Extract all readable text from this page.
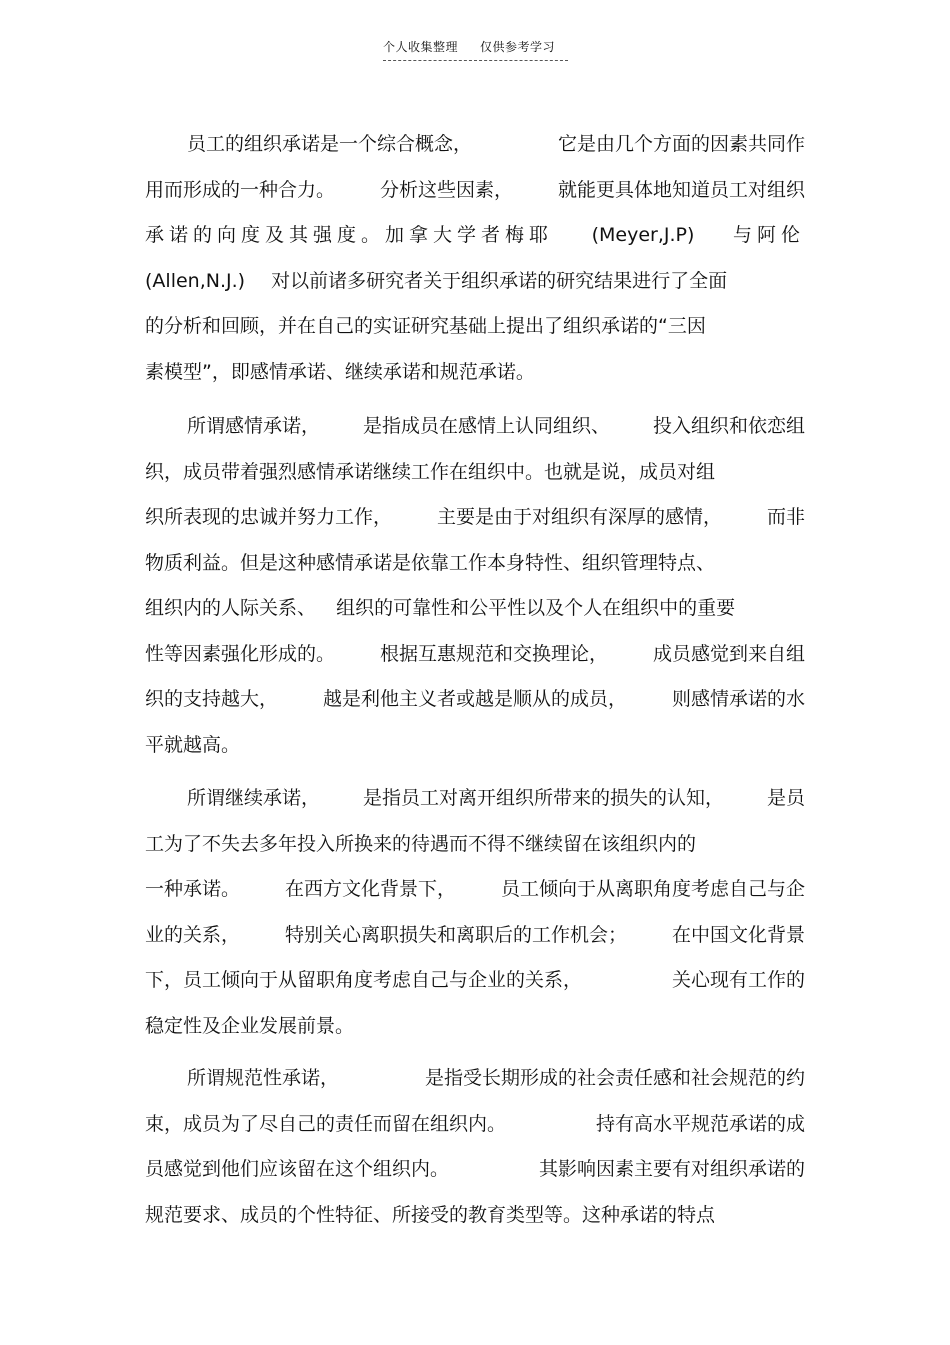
个人收集整理 仅供参考学习
员工的组织承诺是一个综合概念，	它是由几个方面的因素共同作
用而形成的一种合力。 分析这些因素， 就能更具体地知道员工对组织
承诺的向度及其强度。加拿大学者梅耶 (Meyer,J.P) 与阿伦
(Allen,N.J.) 对以前诸多研究者关于组织承诺的研究结果进行了全面
的分析和回顾，并在自己的实证研究基础上提出了组织承诺的“三因
素模型”，即感情承诺、继续承诺和规范承诺。
所谓感情承诺， 是指成员在感情上认同组织、 投入组织和依恋组
织，成员带着强烈感情承诺继续工作在组织中。也就是说，成员对组
织所表现的忠诚并努力工作， 主要是由于对组织有深厚的感情， 而非
物质利益。但是这种感情承诺是依靠工作本身特性、组织管理特点、
组织内的人际关系、 组织的可靠性和公平性以及个人在组织中的重要
性等因素强化形成的。 根据互惠规范和交换理论， 成员感觉到来自组
织的支持越大， 越是利他主义者或越是顺从的成员， 则感情承诺的水
平就越高。
所谓继续承诺， 是指员工对离开组织所带来的损失的认知， 是员
工为了不失去多年投入所换来的待遇而不得不继续留在该组织内的
一种承诺。 在西方文化背景下， 员工倾向于从离职角度考虑自己与企
业的关系， 特别关心离职损失和离职后的工作机会； 在中国文化背景
下，员工倾向于从留职角度考虑自己与企业的关系，	关心现有工作的
稳定性及企业发展前景。
所谓规范性承诺，	是指受长期形成的社会责任感和社会规范的约
束，成员为了尽自己的责任而留在组织内。	持有高水平规范承诺的成
员感觉到他们应该留在这个组织内。	其影响因素主要有对组织承诺的
规范要求、成员的个性特征、所接受的教育类型等。这种承诺的特点
